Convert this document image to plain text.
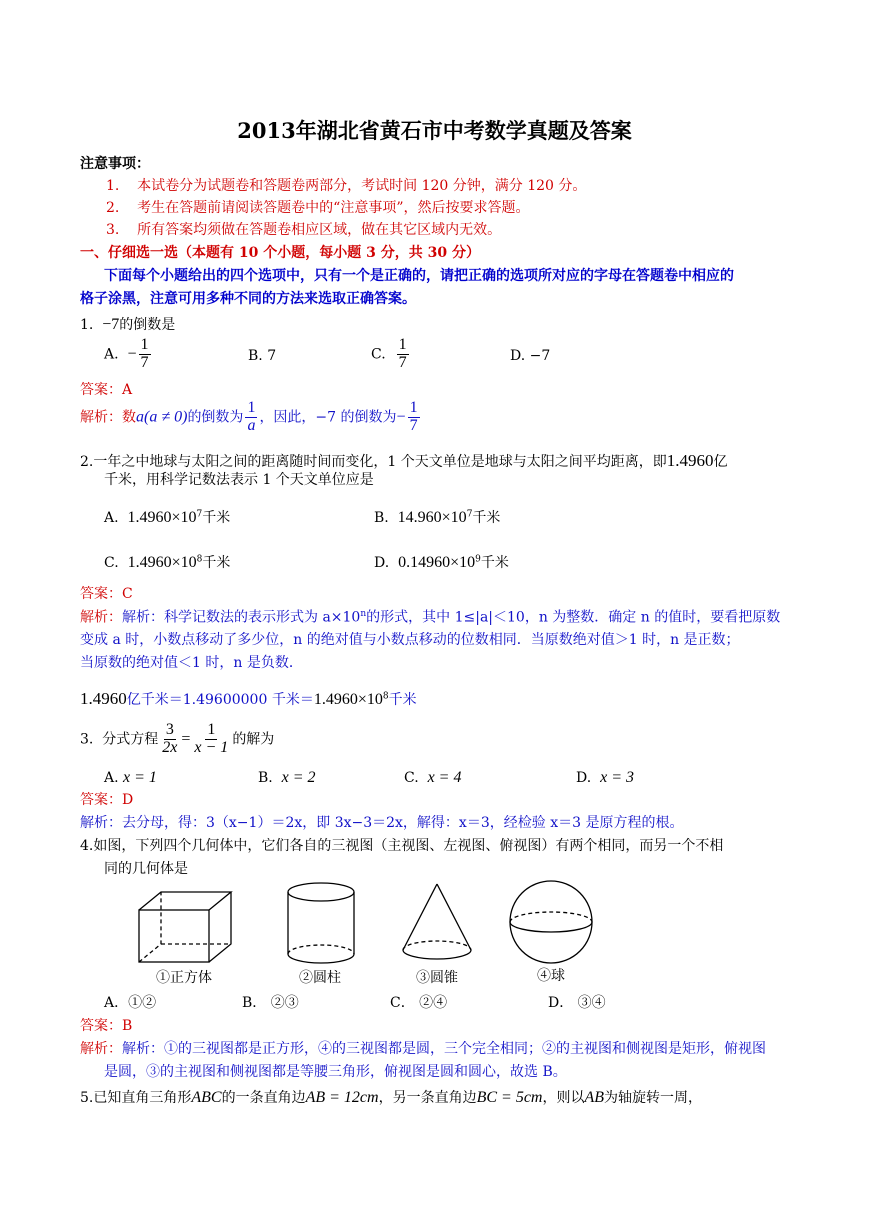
2013年湖北省黄石市中考数学真题及答案
注意事项：
1. 本试卷分为试题卷和答题卷两部分，考试时间 120 分钟，满分 120 分。
2. 考生在答题前请阅读答题卷中的“注意事项”，然后按要求答题。
3. 所有答案均须做在答题卷相应区域，做在其它区域内无效。
一、仔细选一选（本题有 10 个小题，每小题 3 分，共 30 分）
下面每个小题给出的四个选项中，只有一个是正确的，请把正确的选项所对应的字母在答题卷中相应的
格子涂黑，注意可用多种不同的方法来选取正确答案。
1. −7的倒数是
A. − $\frac{1}{7}$	B. 7	C. $\frac{1}{7}$	D. −7
答案：A
解析：数a(a ≠ 0)的倒数为 $\frac{1}{a}$ ，因此，−7 的倒数为− $\frac{1}{7}$
2.一年之中地球与太阳之间的距离随时间而变化，1 个天文单位是地球与太阳之间平均距离，即1.4960亿
千米，用科学记数法表示 1 个天文单位应是
A. $1.4960\times 10^7$千米	B. $14.960\times 10^7$千米
C. $1.4960\times 10^8$千米	D. $0.14960\times 10^9$千米
答案：C
解析：解析：科学记数法的表示形式为 $a\times 10^n$的形式，其中 1≤|a|＜10，n 为整数．确定 n 的值时，要看把原数
变成 a 时，小数点移动了多少位，n 的绝对值与小数点移动的位数相同．当原数绝对值＞1 时，n 是正数；
当原数的绝对值＜1 时，n 是负数．
1.4960亿千米＝1.49600000 千米$=1.4960\times 10^8$千米
3. 分式方程 $\frac{3}{2x} = \frac{1}{x - 1}$ 的解为
A. x = 1	B. x = 2	C. x = 4	D. x = 3
答案：D
解析：去分母，得：3（x−1）＝2x，即 3x−3＝2x，解得：x＝3，经检验 x＝3 是原方程的根。
4.如图，下列四个几何体中，它们各自的三视图（主视图、左视图、俯视图）有两个相同，而另一个不相
同的几何体是
①正方体	②圆柱	③圆锥	④球
A．①②	B． ②③	C． ②④	D． ③④
答案：B
解析：解析：①的三视图都是正方形，④的三视图都是圆，三个完全相同；②的主视图和侧视图是矩形，俯视图
是圆，③的主视图和侧视图都是等腰三角形，俯视图是圆和圆心，故选 B。
5.已知直角三角形ABC的一条直角边AB = 12cm，另一条直角边BC = 5cm，则以AB为轴旋转一周，
